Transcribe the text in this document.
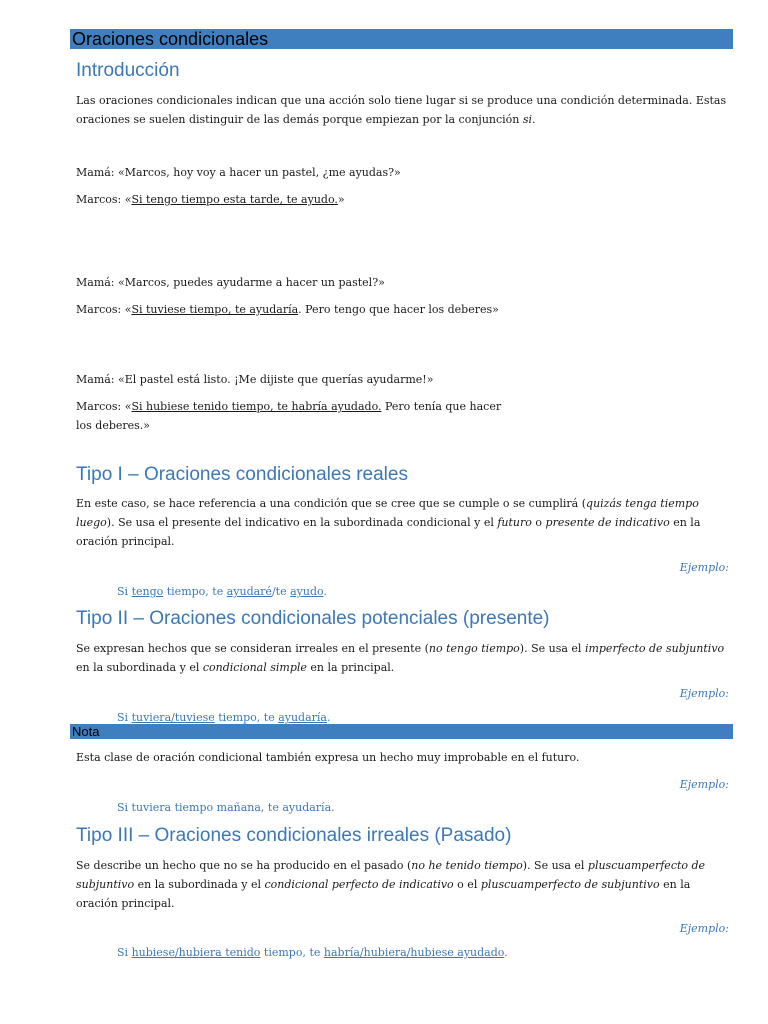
Oraciones condicionales
Introducción

Las oraciones condicionales indican que una acción solo tiene lugar si se produce una condición determinada. Estas oraciones se suelen distinguir de las demás porque empiezan por la conjunción si.

Mamá: «Marcos, hoy voy a hacer un pastel, ¿me ayudas?»

Marcos: «Si tengo tiempo esta tarde, te ayudo.»

Mamá: «Marcos, puedes ayudarme a hacer un pastel?»

Marcos: «Si tuviese tiempo, te ayudaría. Pero tengo que hacer los deberes»

Mamá: «El pastel está listo. ¡Me dijiste que querías ayudarme!»

Marcos: «Si hubiese tenido tiempo, te habría ayudado. Pero tenía que hacer

los deberes.»

Tipo I – Oraciones condicionales reales

En este caso, se hace referencia a una condición que se cree que se cumple o se cumplirá (quizás tenga tiempo luego). Se usa el presente del indicativo en la subordinada condicional y el futuro o presente de indicativo en la oración principal.

Ejemplo:
Si tengo tiempo, te ayudaré/te ayudo.
Tipo II – Oraciones condicionales potenciales (presente)

Se expresan hechos que se consideran irreales en el presente (no tengo tiempo). Se usa el imperfecto de subjuntivo en la subordinada y el condicional simple en la principal.

Ejemplo:
Si tuviera/tuviese tiempo, te ayudaría.
Nota

Esta clase de oración condicional también expresa un hecho muy improbable en el futuro.

Ejemplo:
Si tuviera tiempo mañana, te ayudaría.
Tipo III – Oraciones condicionales irreales (Pasado)

Se describe un hecho que no se ha producido en el pasado (no he tenido tiempo). Se usa el pluscuamperfecto de subjuntivo en la subordinada y el condicional perfecto de indicativo o el pluscuamperfecto de subjuntivo en la oración principal.

Ejemplo:
Si hubiese/hubiera tenido tiempo, te habría/hubiera/hubiese ayudado.
